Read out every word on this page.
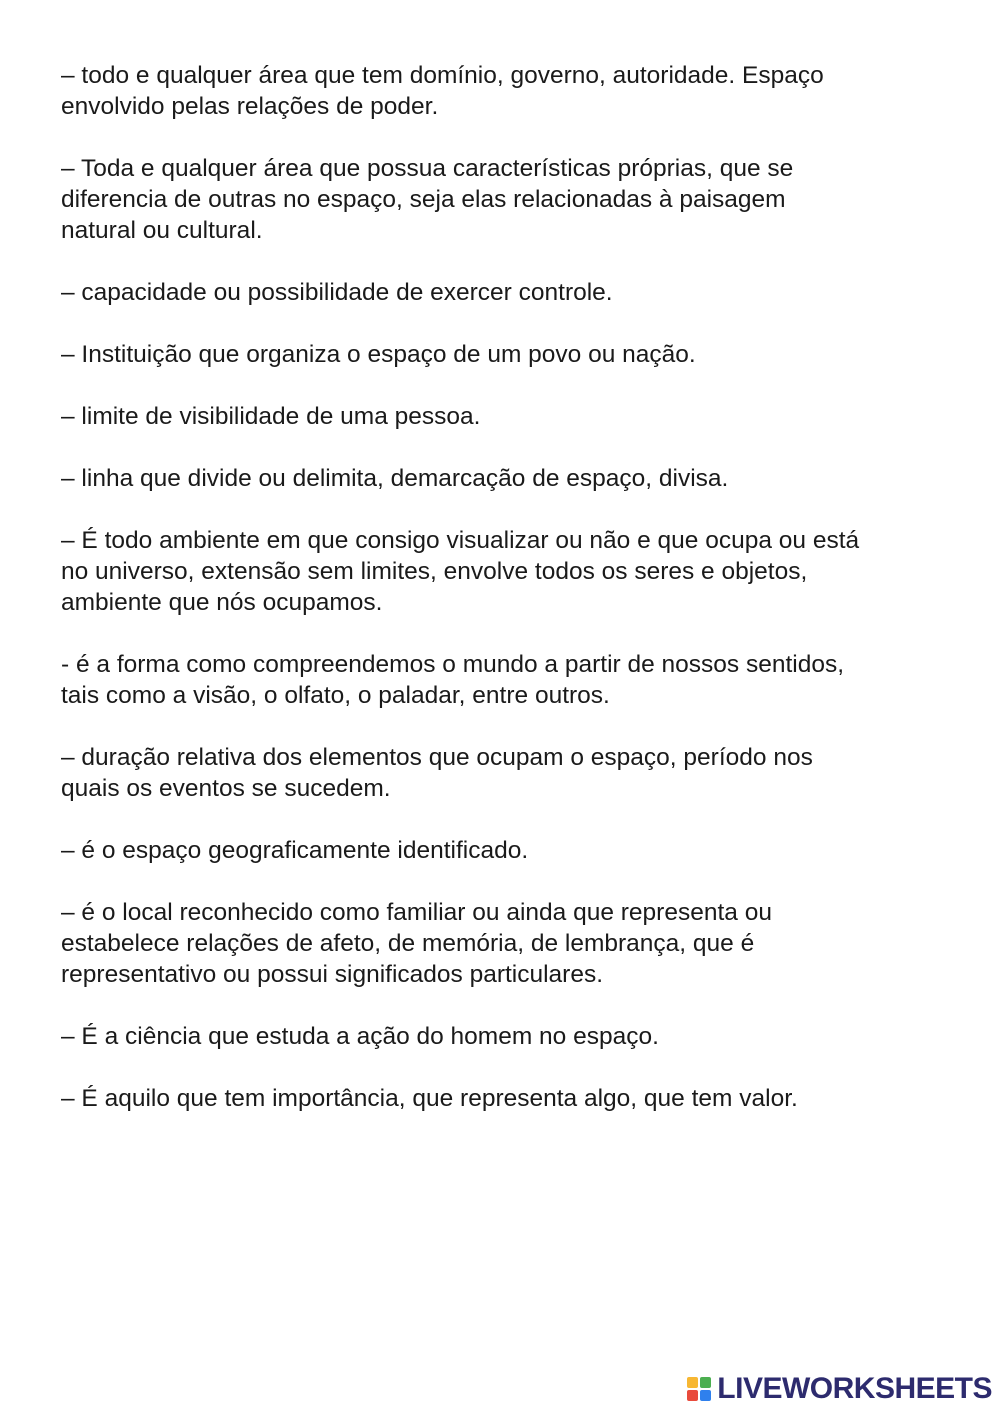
– todo e qualquer área que tem domínio, governo, autoridade. Espaço
envolvido pelas relações de poder.
– Toda e qualquer área que possua características próprias, que se
diferencia de outras no espaço, seja elas relacionadas à paisagem
natural ou cultural.
– capacidade ou possibilidade de exercer controle.
– Instituição que organiza o espaço de um povo ou nação.
– limite de visibilidade de uma pessoa.
– linha que divide ou delimita, demarcação de espaço, divisa.
– É todo ambiente em que consigo visualizar ou não e que ocupa ou está
no universo, extensão sem limites, envolve todos os seres e objetos,
ambiente que nós ocupamos.
- é a forma como compreendemos o mundo a partir de nossos sentidos,
tais como a visão, o olfato, o paladar, entre outros.
– duração relativa dos elementos que ocupam o espaço, período nos
quais os eventos se sucedem.
– é o espaço geograficamente identificado.
– é o local reconhecido como familiar ou ainda que representa ou
estabelece relações de afeto, de memória, de lembrança, que é
representativo ou possui significados particulares.
– É a ciência que estuda a ação do homem no espaço.
– É aquilo que tem importância, que representa algo, que tem valor.
LIVEWORKSHEETS
